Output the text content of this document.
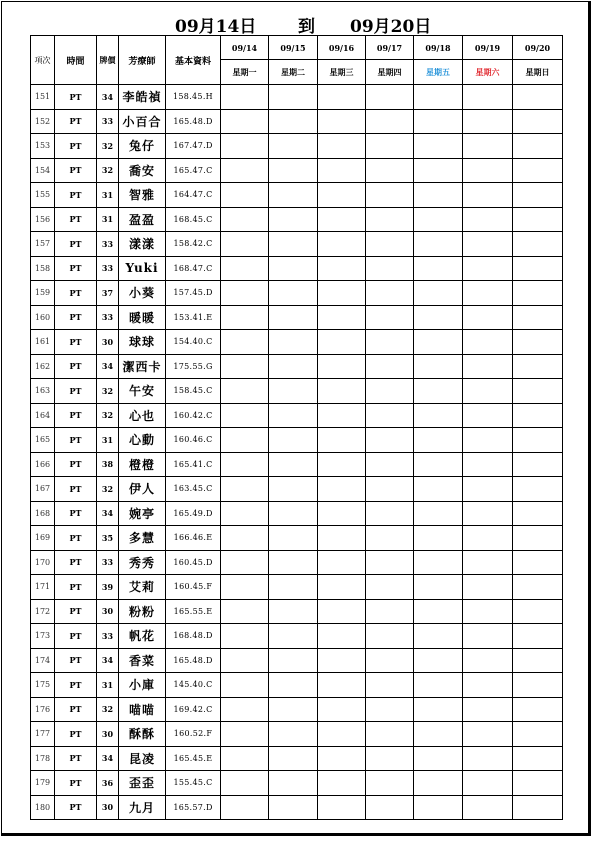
09月14日 到 09月20日
項次	時間	牌價	芳療師	基本資料	09/14	09/15	09/16	09/17	09/18	09/19	09/20
					星期一	星期二	星期三	星期四	星期五	星期六	星期日
151	PT	34	李皓禎	158.45.H							
152	PT	33	小百合	165.48.D							
153	PT	32	兔仔	167.47.D							
154	PT	32	喬安	165.47.C							
155	PT	31	智雅	164.47.C							
156	PT	31	盈盈	168.45.C							
157	PT	33	漾漾	158.42.C							
158	PT	33	Yuki	168.47.C							
159	PT	37	小葵	157.45.D							
160	PT	33	暖暖	153.41.E							
161	PT	30	球球	154.40.C							
162	PT	34	潔西卡	175.55.G							
163	PT	32	午安	158.45.C							
164	PT	32	心也	160.42.C							
165	PT	31	心動	160.46.C							
166	PT	38	橙橙	165.41.C							
167	PT	32	伊人	163.45.C							
168	PT	34	婉亭	165.49.D							
169	PT	35	多慧	166.46.E							
170	PT	33	秀秀	160.45.D							
171	PT	39	艾莉	160.45.F							
172	PT	30	粉粉	165.55.E							
173	PT	33	帆花	168.48.D							
174	PT	34	香菜	165.48.D							
175	PT	31	小庫	145.40.C							
176	PT	32	喵喵	169.42.C							
177	PT	30	酥酥	160.52.F							
178	PT	34	昆凌	165.45.E							
179	PT	36	歪歪	155.45.C							
180	PT	30	九月	165.57.D							
